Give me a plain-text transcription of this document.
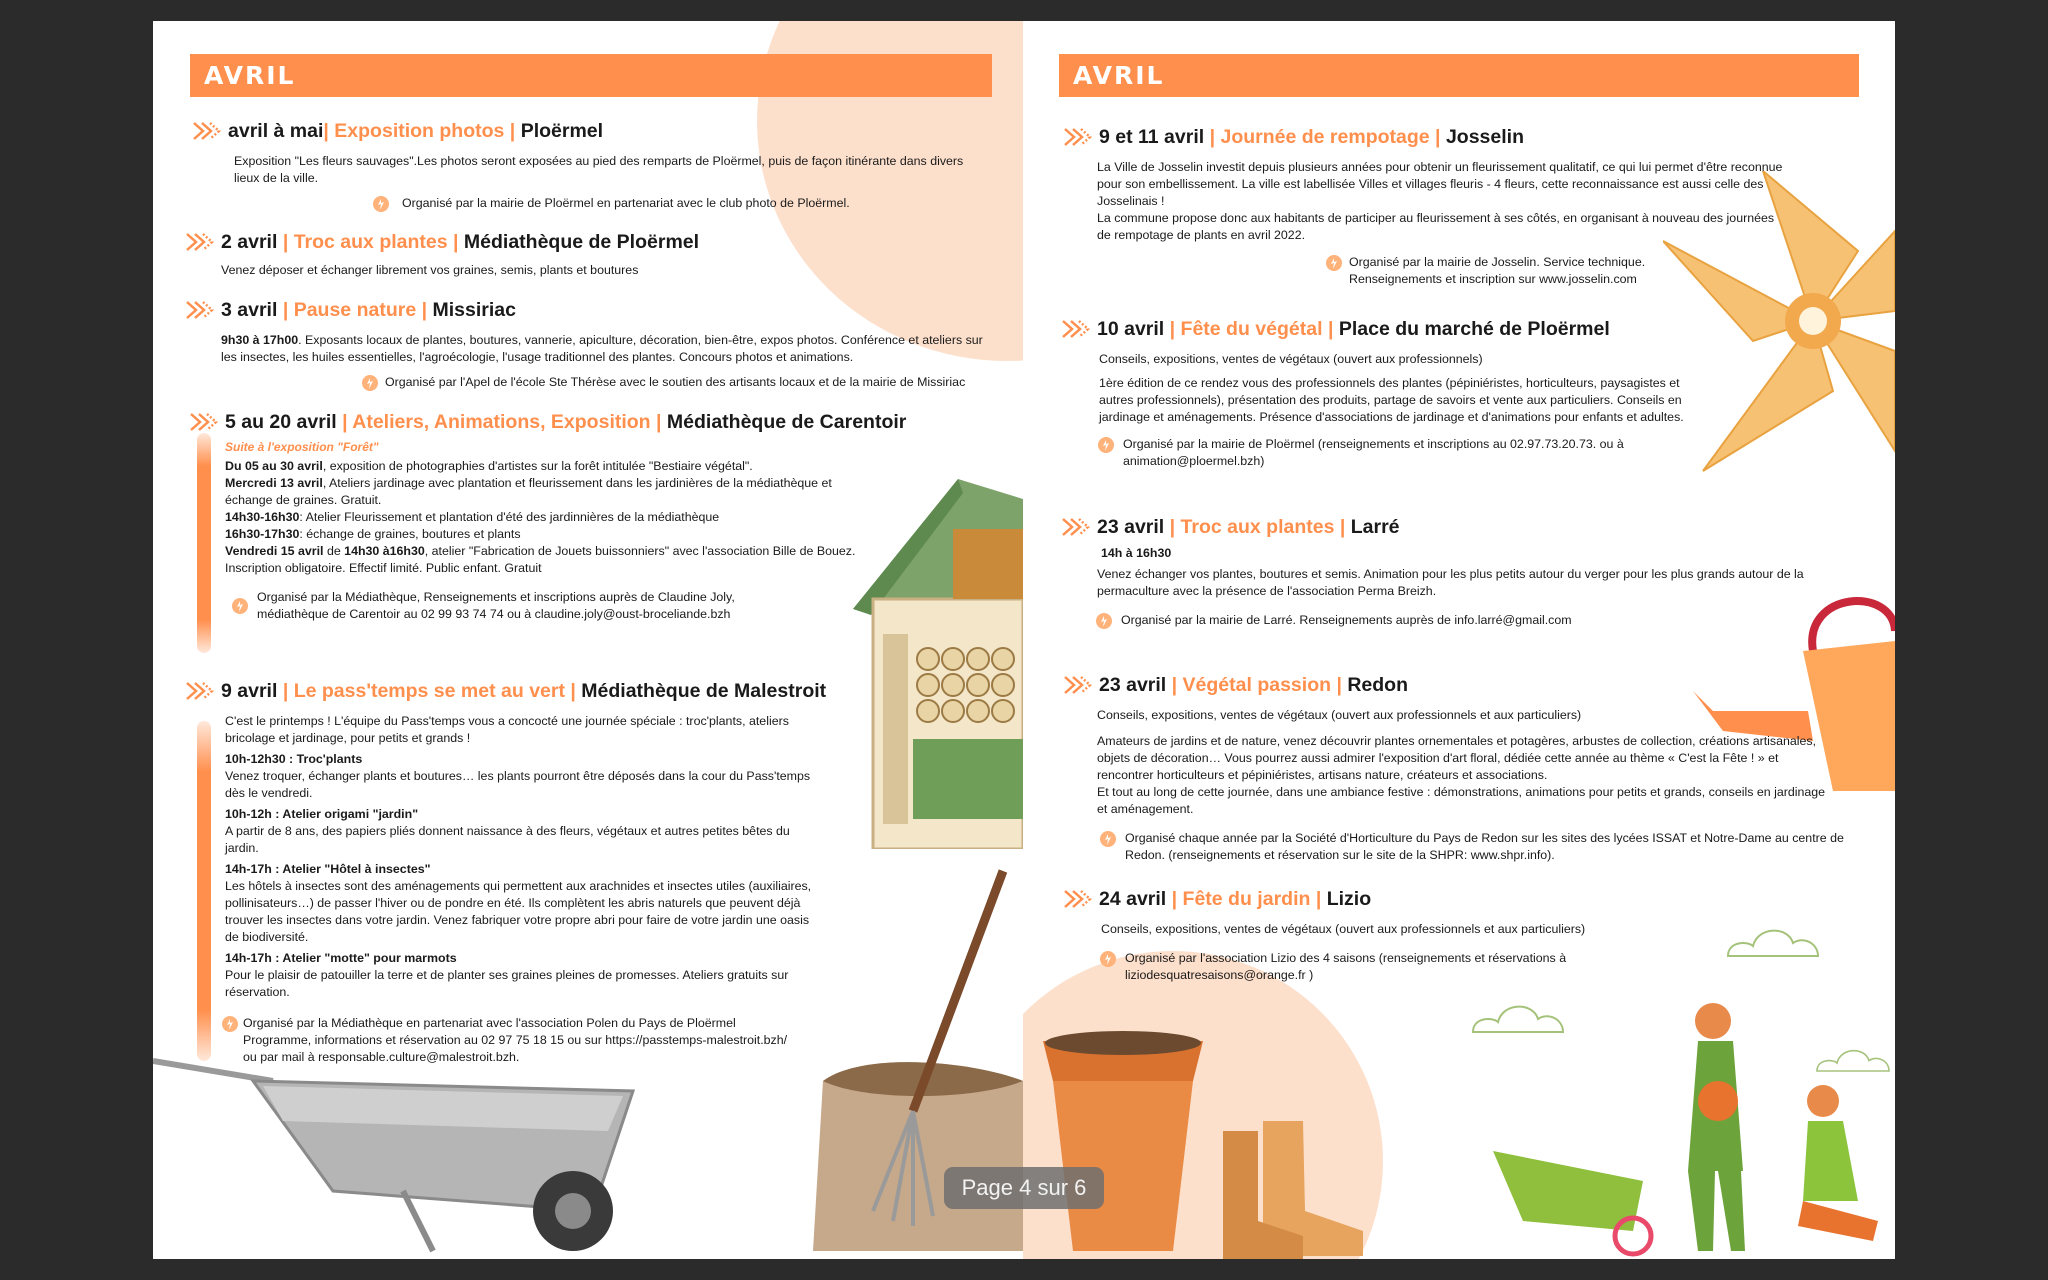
AVRIL
avril à mai| Exposition photos | Ploërmel
Exposition "Les fleurs sauvages".Les photos seront exposées au pied des remparts de Ploërmel, puis de façon itinérante dans divers lieux de la ville.
Organisé par la mairie de Ploërmel en partenariat avec le club photo de Ploërmel.
2 avril | Troc aux plantes | Médiathèque de Ploërmel
Venez déposer et échanger librement vos graines, semis, plants et boutures
3 avril | Pause nature | Missiriac
9h30 à 17h00. Exposants locaux de plantes, boutures, vannerie, apiculture, décoration, bien-être, expos photos. Conférence et ateliers sur les insectes, les huiles essentielles, l'agroécologie, l'usage traditionnel des plantes. Concours photos et animations.
Organisé par l'Apel de l'école Ste Thérèse avec le soutien des artisants locaux et de la mairie de Missiriac
5 au 20 avril | Ateliers, Animations, Exposition | Médiathèque de Carentoir
Suite à l'exposition "Forêt"

Du 05 au 30 avril, exposition de photographies d'artistes sur la forêt intitulée "Bestiaire végétal".

Mercredi 13 avril, Ateliers jardinage avec plantation et fleurissement dans les jardinières de la médiathèque et échange de graines. Gratuit.

14h30-16h30: Atelier Fleurissement et plantation d'été des jardinnières de la médiathèque

16h30-17h30: échange de graines, boutures et plants

Vendredi 15 avril de 14h30 à16h30, atelier "Fabrication de Jouets buissonniers" avec l'association Bille de Bouez. Inscription obligatoire. Effectif limité. Public enfant. Gratuit

Organisé par la Médiathèque, Renseignements et inscriptions auprès de Claudine Joly, médiathèque de Carentoir au 02 99 93 74 74 ou à claudine.joly@oust-broceliande.bzh
9 avril | Le pass'temps se met au vert | Médiathèque de Malestroit

C'est le printemps ! L'équipe du Pass'temps vous a concocté une journée spéciale : troc'plants, ateliers bricolage et jardinage, pour petits et grands !

10h-12h30 : Troc'plants

Venez troquer, échanger plants et boutures… les plants pourront être déposés dans la cour du Pass'temps dès le vendredi.

10h-12h : Atelier origami "jardin"

A partir de 8 ans, des papiers pliés donnent naissance à des fleurs, végétaux et autres petites bêtes du jardin.

14h-17h : Atelier "Hôtel à insectes"

Les hôtels à insectes sont des aménagements qui permettent aux arachnides et insectes utiles (auxiliaires, pollinisateurs…) de passer l'hiver ou de pondre en été. Ils complètent les abris naturels que peuvent déjà trouver les insectes dans votre jardin. Venez fabriquer votre propre abri pour faire de votre jardin une oasis de biodiversité.

14h-17h : Atelier "motte" pour marmots

Pour le plaisir de patouiller la terre et de planter ses graines pleines de promesses. Ateliers gratuits sur réservation.

Organisé par la Médiathèque en partenariat avec l'association Polen du Pays de Ploërmel Programme, informations et réservation au 02 97 75 18 15 ou sur https://passtemps-malestroit.bzh/ ou par mail à responsable.culture@malestroit.bzh.
AVRIL
9 et 11 avril | Journée de rempotage | Josselin

La Ville de Josselin investit depuis plusieurs années pour obtenir un fleurissement qualitatif, ce qui lui permet d'être reconnue pour son embellissement. La ville est labellisée Villes et villages fleuris - 4 fleurs, cette reconnaissance est aussi celle des Josselinais !

La commune propose donc aux habitants de participer au fleurissement à ses côtés, en organisant à nouveau des journées de rempotage de plants en avril 2022.

Organisé par la mairie de Josselin. Service technique. Renseignements et inscription sur www.josselin.com
10 avril | Fête du végétal | Place du marché de Ploërmel

Conseils, expositions, ventes de végétaux (ouvert aux professionnels)

1ère édition de ce rendez vous des professionnels des plantes (pépiniéristes, horticulteurs, paysagistes et autres professionnels), présentation des produits, partage de savoirs et vente aux particuliers. Conseils en jardinage et aménagements. Présence d'associations de jardinage et d'animations pour enfants et adultes.

Organisé par la mairie de Ploërmel (renseignements et inscriptions au 02.97.73.20.73. ou à animation@ploermel.bzh)
23 avril | Troc aux plantes | Larré
14h à 16h30

Venez échanger vos plantes, boutures et semis. Animation pour les plus petits autour du verger pour les plus grands autour de la permaculture avec la présence de l'association Perma Breizh.

Organisé par la mairie de Larré. Renseignements auprès de info.larré@gmail.com
23 avril | Végétal passion | Redon

Conseils, expositions, ventes de végétaux (ouvert aux professionnels et aux particuliers)

Amateurs de jardins et de nature, venez découvrir plantes ornementales et potagères, arbustes de collection, créations artisanales, objets de décoration… Vous pourrez aussi admirer l'exposition d'art floral, dédiée cette année au thème « C'est la Fête ! » et rencontrer horticulteurs et pépiniéristes, artisans nature, créateurs et associations.

Et tout au long de cette journée, dans une ambiance festive : démonstrations, animations pour petits et grands, conseils en jardinage et aménagement.

Organisé chaque année par la Société d'Horticulture du Pays de Redon sur les sites des lycées ISSAT et Notre-Dame au centre de Redon. (renseignements et réservation sur le site de la SHPR: www.shpr.info).
24 avril | Fête du jardin | Lizio

Conseils, expositions, ventes de végétaux (ouvert aux professionnels et aux particuliers)

Organisé par l'association Lizio des 4 saisons (renseignements et réservations à liziodesquatresaisons@orange.fr )
Page 4 sur 6
